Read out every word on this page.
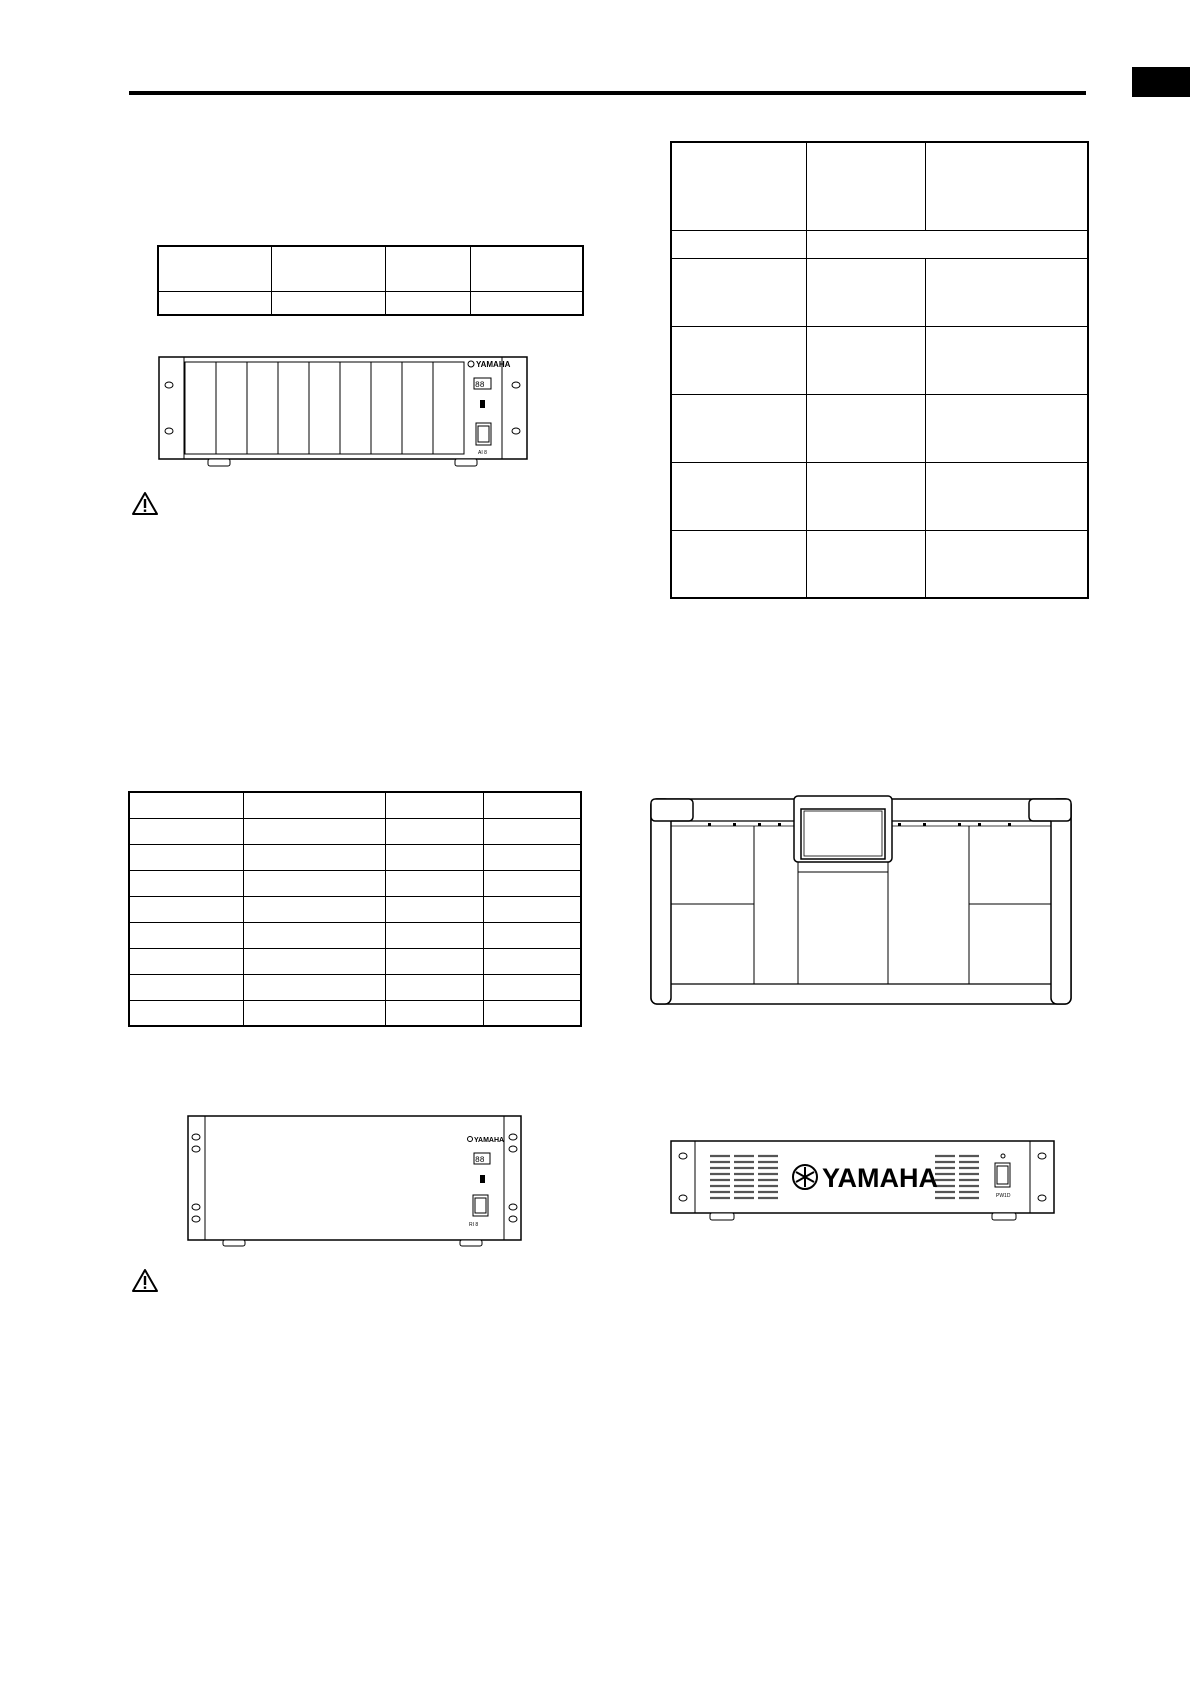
YAMAHA
88
AI 8

YAMAHA
88
RI 8
YAMAHA
PW1D
